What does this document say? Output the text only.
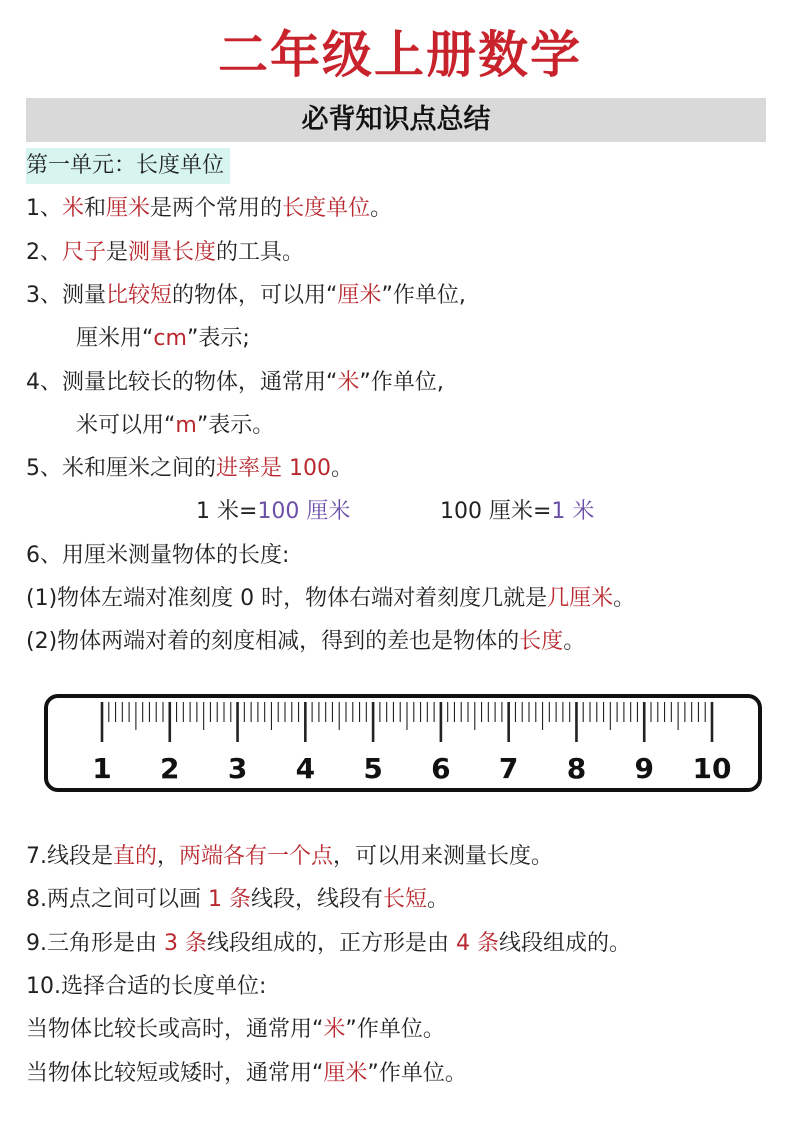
二年级上册数学
必背知识点总结
第一单元：长度单位
1、米和厘米是两个常用的长度单位。
2、尺子是测量长度的工具。
3、测量比较短的物体，可以用“厘米”作单位,
厘米用“cm”表示;
4、测量比较长的物体，通常用“米”作单位,
米可以用“m”表示。
5、米和厘米之间的进率是 100。
1 米=100 厘米	100 厘米=1 米
6、用厘米测量物体的长度:
(1)物体左端对准刻度 0 时，物体右端对着刻度几就是几厘米。
(2)物体两端对着的刻度相减，得到的差也是物体的长度。
1 2 3 4 5 6 7 8 9 10
7.线段是直的，两端各有一个点，可以用来测量长度。
8.两点之间可以画 1 条线段，线段有长短。
9.三角形是由 3 条线段组成的，正方形是由 4 条线段组成的。
10.选择合适的长度单位:
当物体比较长或高时，通常用“米”作单位。
当物体比较短或矮时，通常用“厘米”作单位。
